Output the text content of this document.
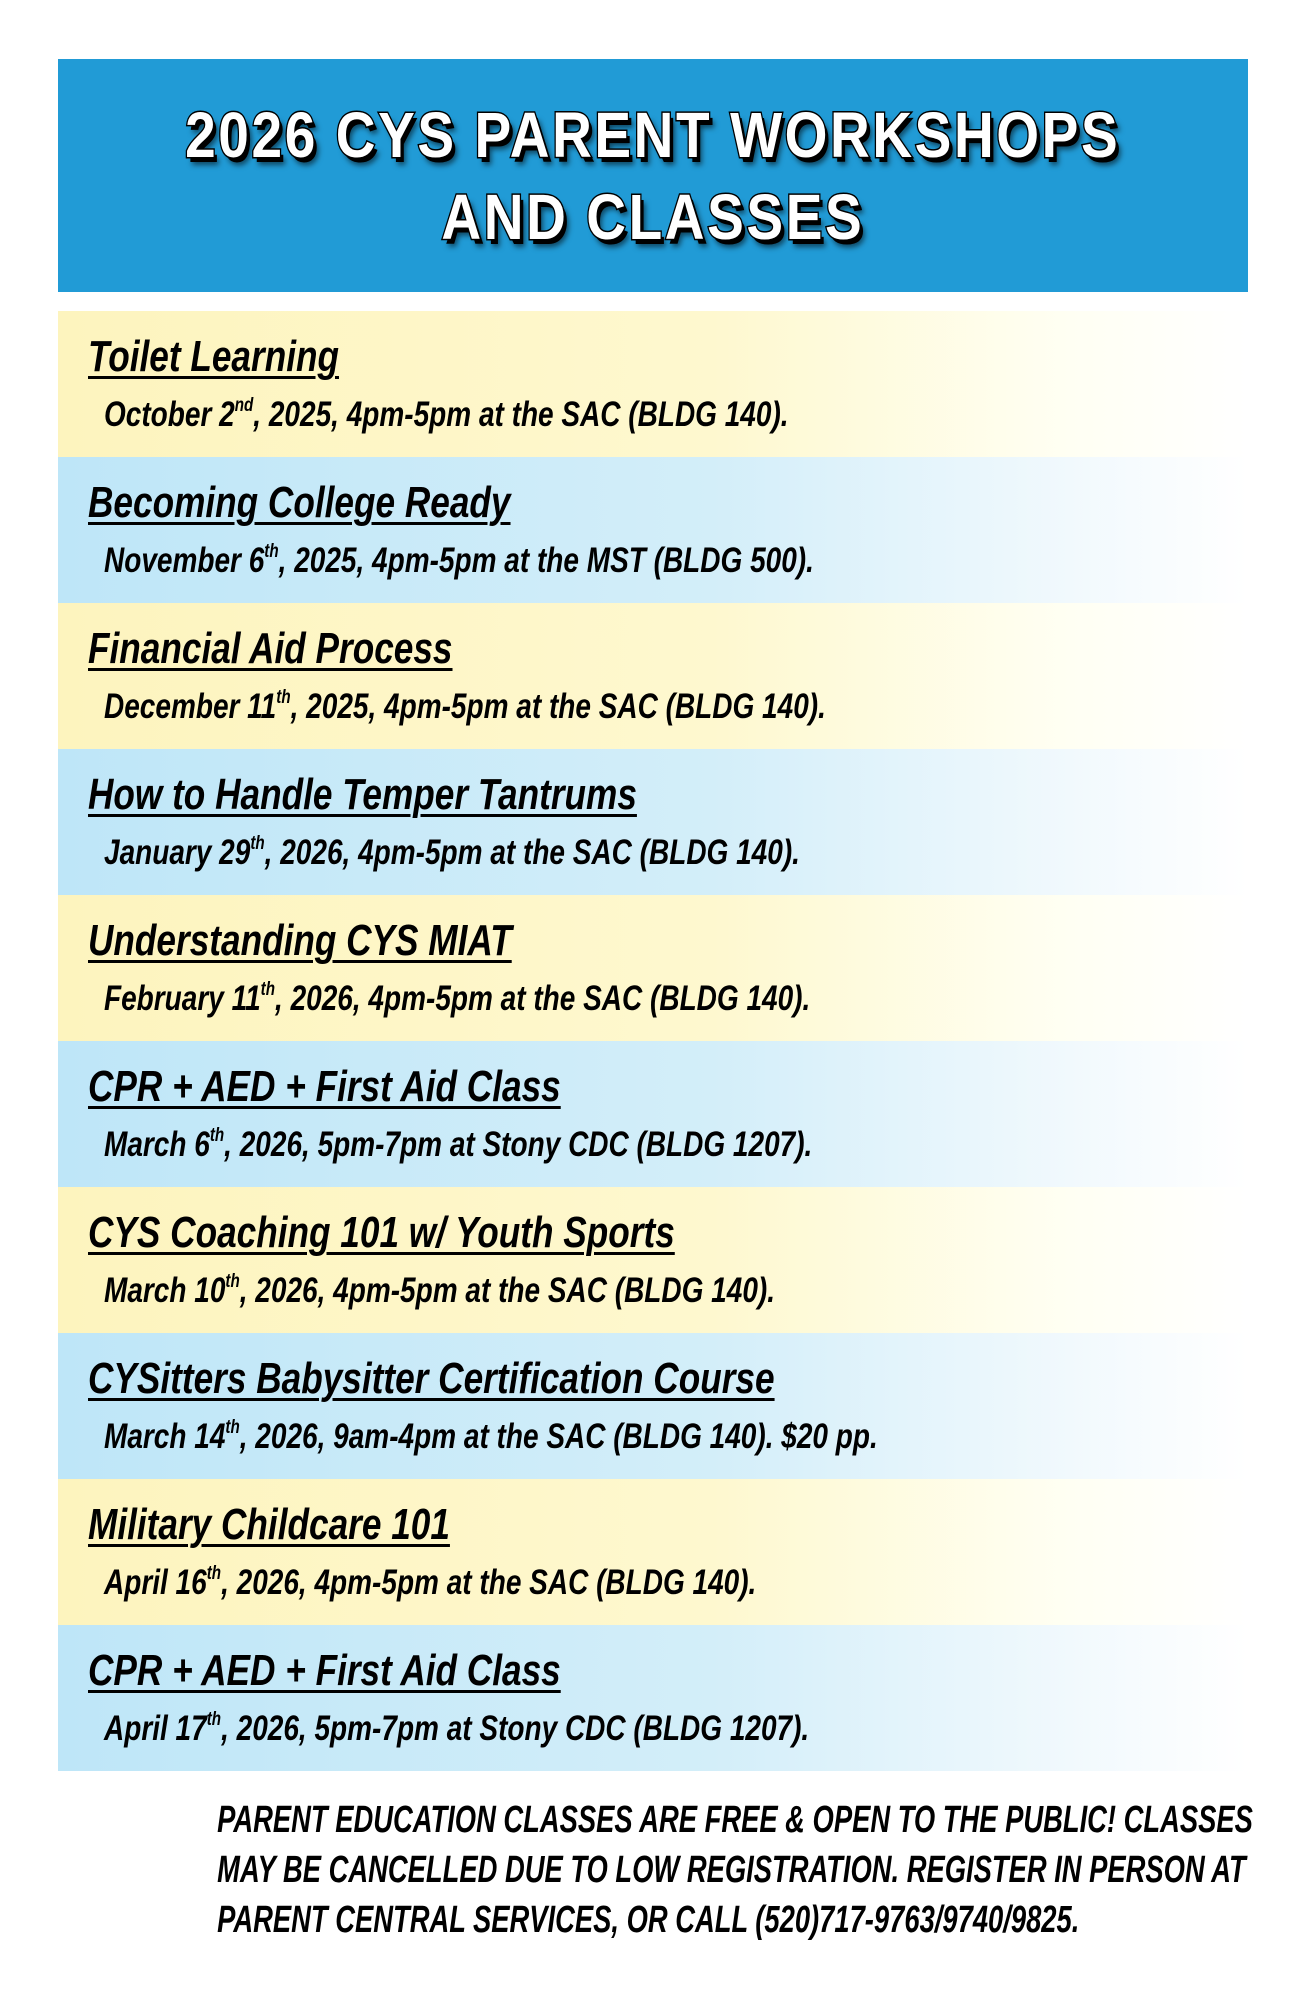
2026 CYS PARENT WORKSHOPS
AND CLASSES
Toilet Learning
October 2nd, 2025, 4pm-5pm at the SAC (BLDG 140).
Becoming College Ready
November 6th, 2025, 4pm-5pm at the MST (BLDG 500).
Financial Aid Process
December 11th, 2025, 4pm-5pm at the SAC (BLDG 140).
How to Handle Temper Tantrums
January 29th, 2026, 4pm-5pm at the SAC (BLDG 140).
Understanding CYS MIAT
February 11th, 2026, 4pm-5pm at the SAC (BLDG 140).
CPR + AED + First Aid Class
March 6th, 2026, 5pm-7pm at Stony CDC (BLDG 1207).
CYS Coaching 101 w/ Youth Sports
March 10th, 2026, 4pm-5pm at the SAC (BLDG 140).
CYSitters Babysitter Certification Course
March 14th, 2026, 9am-4pm at the SAC (BLDG 140). $20 pp.
Military Childcare 101
April 16th, 2026, 4pm-5pm at the SAC (BLDG 140).
CPR + AED + First Aid Class
April 17th, 2026, 5pm-7pm at Stony CDC (BLDG 1207).
PARENT EDUCATION CLASSES ARE FREE & OPEN TO THE PUBLIC! CLASSES
MAY BE CANCELLED DUE TO LOW REGISTRATION. REGISTER IN PERSON AT
PARENT CENTRAL SERVICES, OR CALL (520)717-9763/9740/9825.
